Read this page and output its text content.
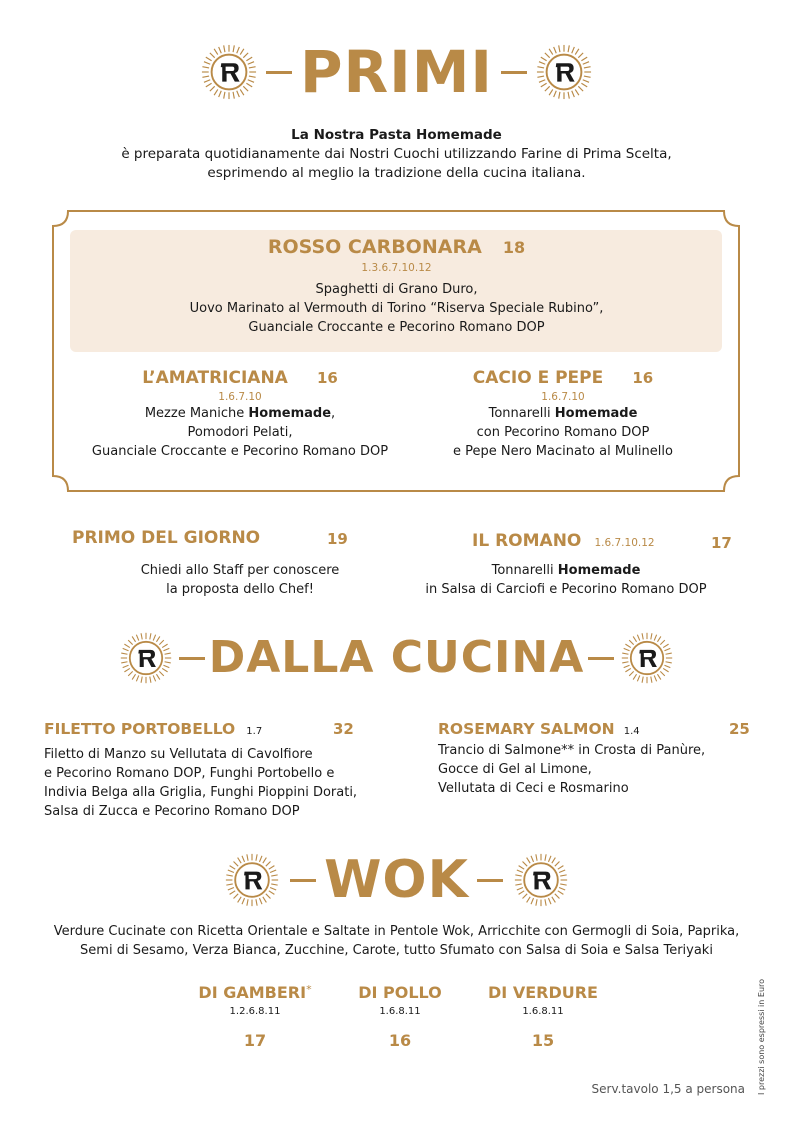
PRIMI
La Nostra Pasta Homemade
è preparata quotidianamente dai Nostri Cuochi utilizzando Farine di Prima Scelta,
esprimendo al meglio la tradizione della cucina italiana.
ROSSO CARBONARA 18
1.3.6.7.10.12
Spaghetti di Grano Duro,
Uovo Marinato al Vermouth di Torino “Riserva Speciale Rubino”,
Guanciale Croccante e Pecorino Romano DOP
L’AMATRICIANA 16
1.6.7.10
Mezze Maniche Homemade,
Pomodori Pelati,
Guanciale Croccante e Pecorino Romano DOP
CACIO E PEPE 16
1.6.7.10
Tonnarelli Homemade
con Pecorino Romano DOP
e Pepe Nero Macinato al Mulinello
PRIMO DEL GIORNO	19
Chiedi allo Staff per conoscere
la proposta dello Chef!
IL ROMANO 1.6.7.10.12	17
Tonnarelli Homemade
in Salsa di Carciofi e Pecorino Romano DOP
DALLA CUCINA
FILETTO PORTOBELLO 1.7	32
Filetto di Manzo su Vellutata di Cavolfiore
e Pecorino Romano DOP, Funghi Portobello e
Indivia Belga alla Griglia, Funghi Pioppini Dorati,
Salsa di Zucca e Pecorino Romano DOP
ROSEMARY SALMON 1.4	25
Trancio di Salmone** in Crosta di Panùre,
Gocce di Gel al Limone,
Vellutata di Ceci e Rosmarino
WOK
Verdure Cucinate con Ricetta Orientale e Saltate in Pentole Wok, Arricchite con Germogli di Soia, Paprika,
Semi di Sesamo, Verza Bianca, Zucchine, Carote, tutto Sfumato con Salsa di Soia e Salsa Teriyaki
DI GAMBERI*
1.2.6.8.11
17
DI POLLO
1.6.8.11
16
DI VERDURE
1.6.8.11
15
Serv.tavolo 1,5 a persona I prezzi sono espressi in Euro
